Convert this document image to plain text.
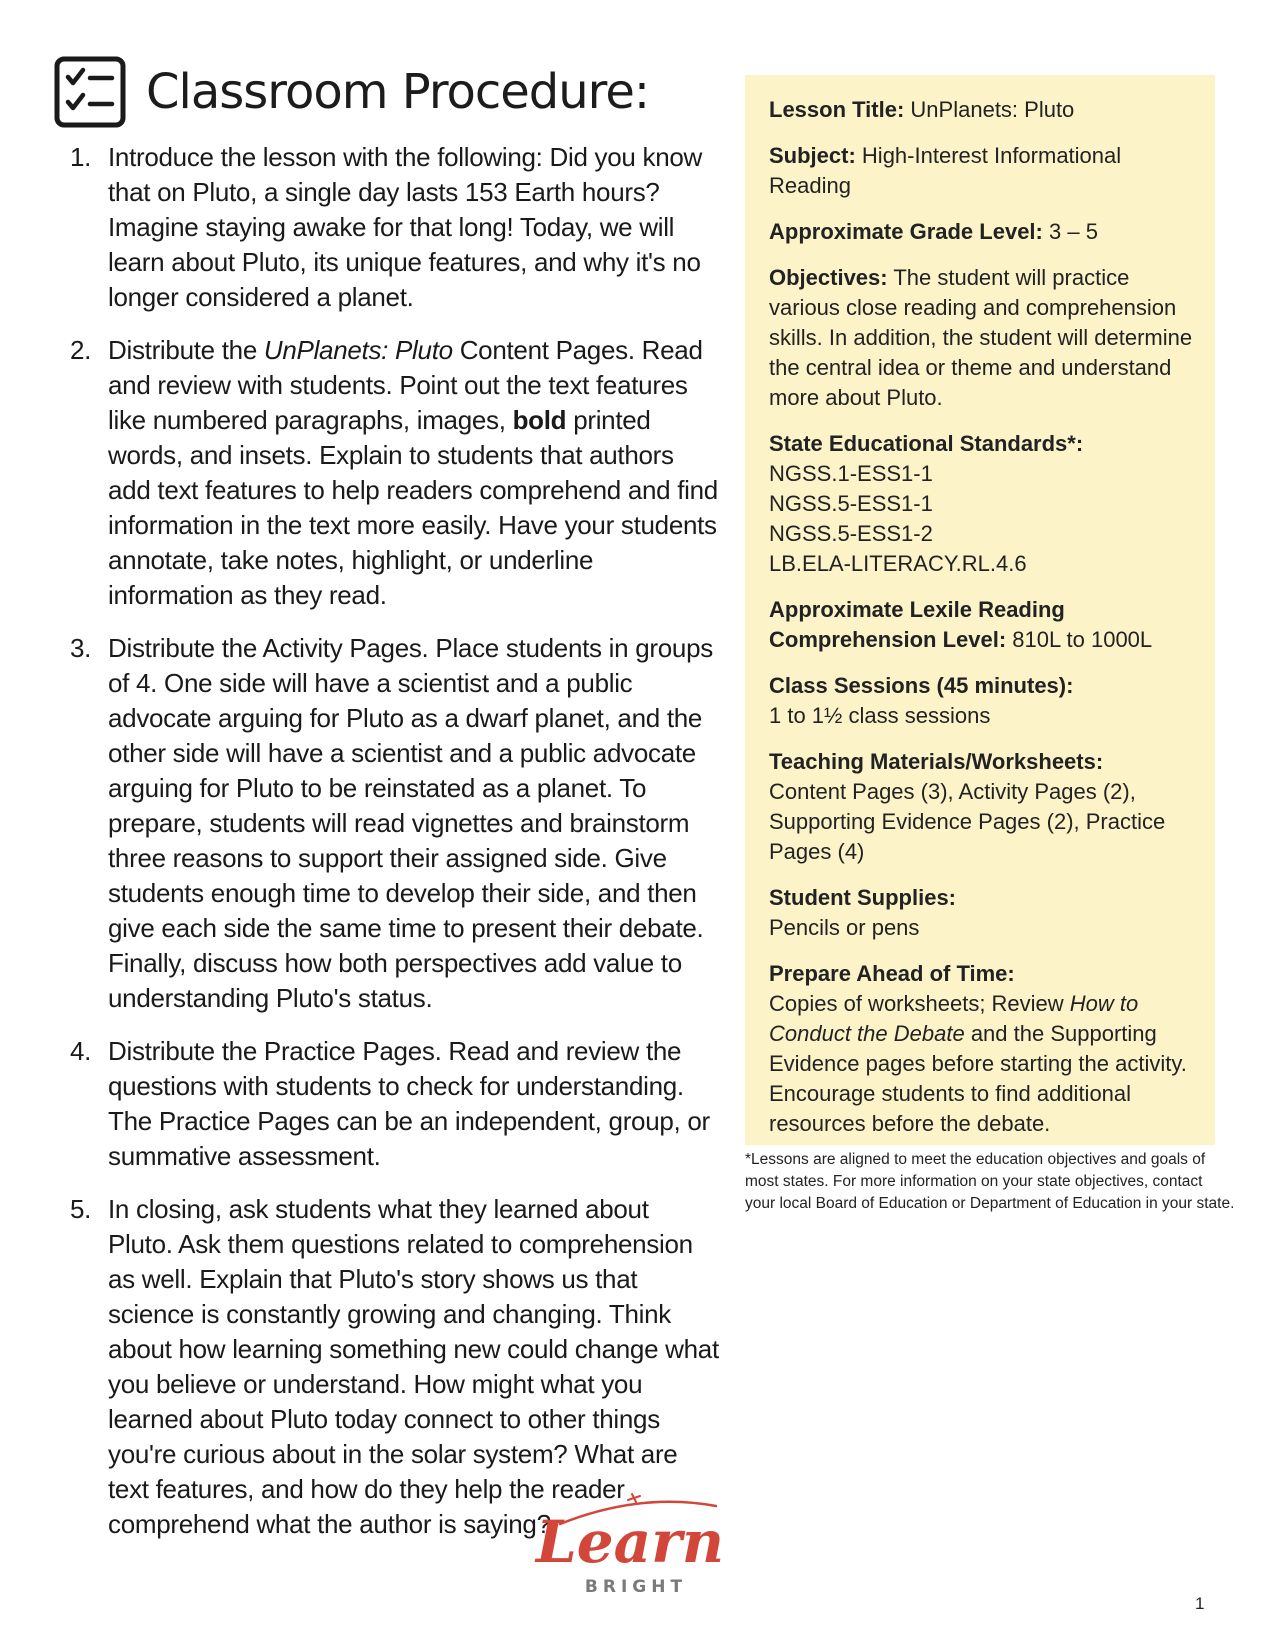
Classroom Procedure:
1. Introduce the lesson with the following: Did you know that on Pluto, a single day lasts 153 Earth hours? Imagine staying awake for that long! Today, we will learn about Pluto, its unique features, and why it's no longer considered a planet.
2. Distribute the UnPlanets: Pluto Content Pages. Read and review with students. Point out the text features like numbered paragraphs, images, bold printed words, and insets. Explain to students that authors add text features to help readers comprehend and find information in the text more easily. Have your students annotate, take notes, highlight, or underline information as they read.
3. Distribute the Activity Pages. Place students in groups of 4. One side will have a scientist and a public advocate arguing for Pluto as a dwarf planet, and the other side will have a scientist and a public advocate arguing for Pluto to be reinstated as a planet. To prepare, students will read vignettes and brainstorm three reasons to support their assigned side. Give students enough time to develop their side, and then give each side the same time to present their debate. Finally, discuss how both perspectives add value to understanding Pluto's status.
4. Distribute the Practice Pages. Read and review the questions with students to check for understanding. The Practice Pages can be an independent, group, or summative assessment.
5. In closing, ask students what they learned about Pluto. Ask them questions related to comprehension as well. Explain that Pluto's story shows us that science is constantly growing and changing. Think about how learning something new could change what you believe or understand. How might what you learned about Pluto today connect to other things you're curious about in the solar system? What are text features, and how do they help the reader comprehend what the author is saying?
Lesson Title: UnPlanets: Pluto
Subject: High-Interest Informational Reading
Approximate Grade Level: 3 – 5
Objectives: The student will practice various close reading and comprehension skills. In addition, the student will determine the central idea or theme and understand more about Pluto.
State Educational Standards*:
NGSS.1-ESS1-1
NGSS.5-ESS1-1
NGSS.5-ESS1-2
LB.ELA-LITERACY.RL.4.6
Approximate Lexile Reading
Comprehension Level: 810L to 1000L
Class Sessions (45 minutes):
1 to 1½ class sessions
Teaching Materials/Worksheets:
Content Pages (3), Activity Pages (2), Supporting Evidence Pages (2), Practice Pages (4)
Student Supplies:
Pencils or pens
Prepare Ahead of Time:
Copies of worksheets; Review How to Conduct the Debate and the Supporting Evidence pages before starting the activity. Encourage students to find additional resources before the debate.
*Lessons are aligned to meet the education objectives and goals of most states. For more information on your state objectives, contact your local Board of Education or Department of Education in your state.
Learn
BRIGHT
1
